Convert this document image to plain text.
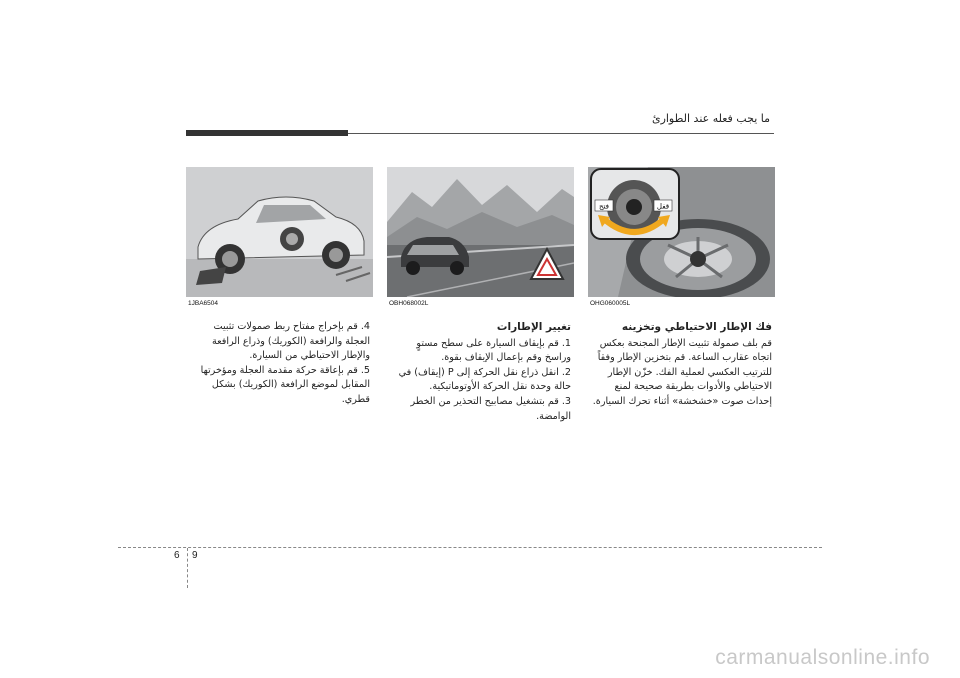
ما يجب فعله عند الطوارئ
فتح	قفل
OHG060005L
OBH068002L
1JBA6504
فك الإطار الاحتياطي وتخزينه

قم بلف صمولة تثبيت الإطار المجنحة بعكس اتجاه عقارب الساعة. قم بتخزين الإطار وفقاً للترتيب العكسي لعملية الفك. خزّن الإطار الاحتياطي والأدوات بطريقة صحيحة لمنع إحداث صوت «خشخشة» أثناء تحرك السيارة.

تغيير الإطارات

1. قم بإيقاف السيارة على سطح مستوٍ وراسخ وقم بإعمال الإيقاف بقوة.

2. انقل ذراع نقل الحركة إلى P (إيقاف) في حالة وحدة نقل الحركة الأوتوماتيكية.

3. قم بتشغيل مصابيح التحذير من الخطر الوامضة.

4. قم بإخراج مفتاح ربط صمولات تثبيت العجلة والرافعة (الكوريك) وذراع الرافعة والإطار الاحتياطي من السيارة.

5. قم بإعاقة حركة مقدمة العجلة ومؤخرتها المقابل لموضع الرافعة (الكوريك) بشكل قطري.

6 9
carmanualsonline.info
